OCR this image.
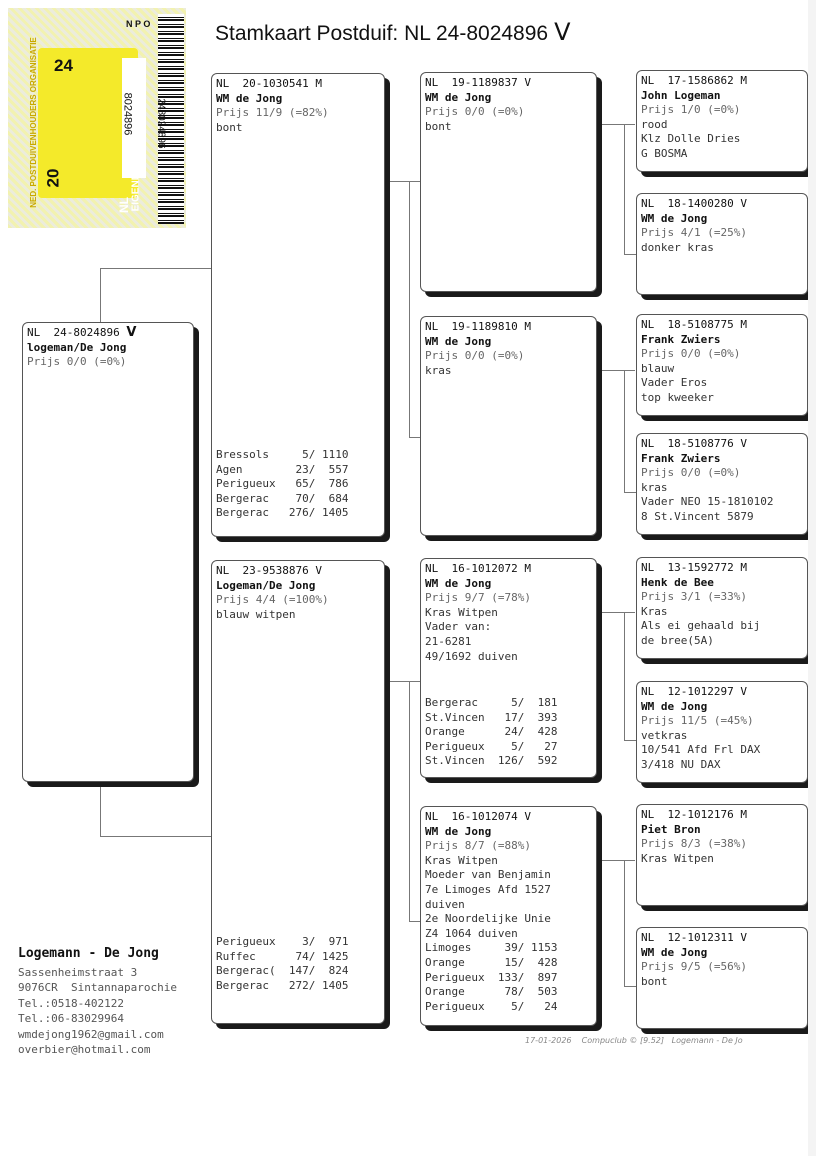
Stamkaart Postduif: NL 24-8024896 V
NED. POSTDUIVENHOUDERS ORGANISATIE 24
20
NL
8024896
N P O
248024896
NL  24-8024896 V
logeman/De Jong
Prijs 0/0 (=0%)
NL  20-1030541 M
WM de Jong
Prijs 11/9 (=82%)
bont
Bressols     5/ 1110
Agen        23/  557
Perigueux   65/  786
Bergerac    70/  684
Bergerac   276/ 1405
NL  23-9538876 V
Logeman/De Jong
Prijs 4/4 (=100%)
blauw witpen
Perigueux    3/  971
Ruffec      74/ 1425
Bergerac(  147/  824
Bergerac   272/ 1405
NL  19-1189837 V
WM de Jong
Prijs 0/0 (=0%)
bont
NL  19-1189810 M
WM de Jong
Prijs 0/0 (=0%)
kras
NL  16-1012072 M
WM de Jong
Prijs 9/7 (=78%)
Kras Witpen
Vader van:
21-6281
49/1692 duiven
Bergerac     5/  181
St.Vincen   17/  393
Orange      24/  428
Perigueux    5/   27
St.Vincen  126/  592
NL  16-1012074 V
WM de Jong
Prijs 8/7 (=88%)
Kras Witpen
Moeder van Benjamin
7e Limoges Afd 1527
duiven
2e Noordelijke Unie
Z4 1064 duiven
Limoges     39/ 1153
Orange      15/  428
Perigueux  133/  897
Orange      78/  503
Perigueux    5/   24
NL  17-1586862 M
John Logeman
Prijs 1/0 (=0%)
rood
Klz Dolle Dries
G BOSMA
NL  18-1400280 V
WM de Jong
Prijs 4/1 (=25%)
donker kras
NL  18-5108775 M
Frank Zwiers
Prijs 0/0 (=0%)
blauw
Vader Eros
top kweeker
NL  18-5108776 V
Frank Zwiers
Prijs 0/0 (=0%)
kras
Vader NEO 15-1810102
8 St.Vincent 5879
NL  13-1592772 M
Henk de Bee
Prijs 3/1 (=33%)
Kras
Als ei gehaald bij
de bree(5A)
NL  12-1012297 V
WM de Jong
Prijs 11/5 (=45%)
vetkras
10/541 Afd Frl DAX
3/418 NU DAX
NL  12-1012176 M
Piet Bron
Prijs 8/3 (=38%)
Kras Witpen
NL  12-1012311 V
WM de Jong
Prijs 9/5 (=56%)
bont
Logemann - De Jong
Sassenheimstraat 3
9076CR  Sintannaparochie
Tel.:0518-402122
Tel.:06-83029964
wmdejong1962@gmail.com
overbier@hotmail.com
17-01-2026    Compuclub © [9.52]   Logemann - De Jo
